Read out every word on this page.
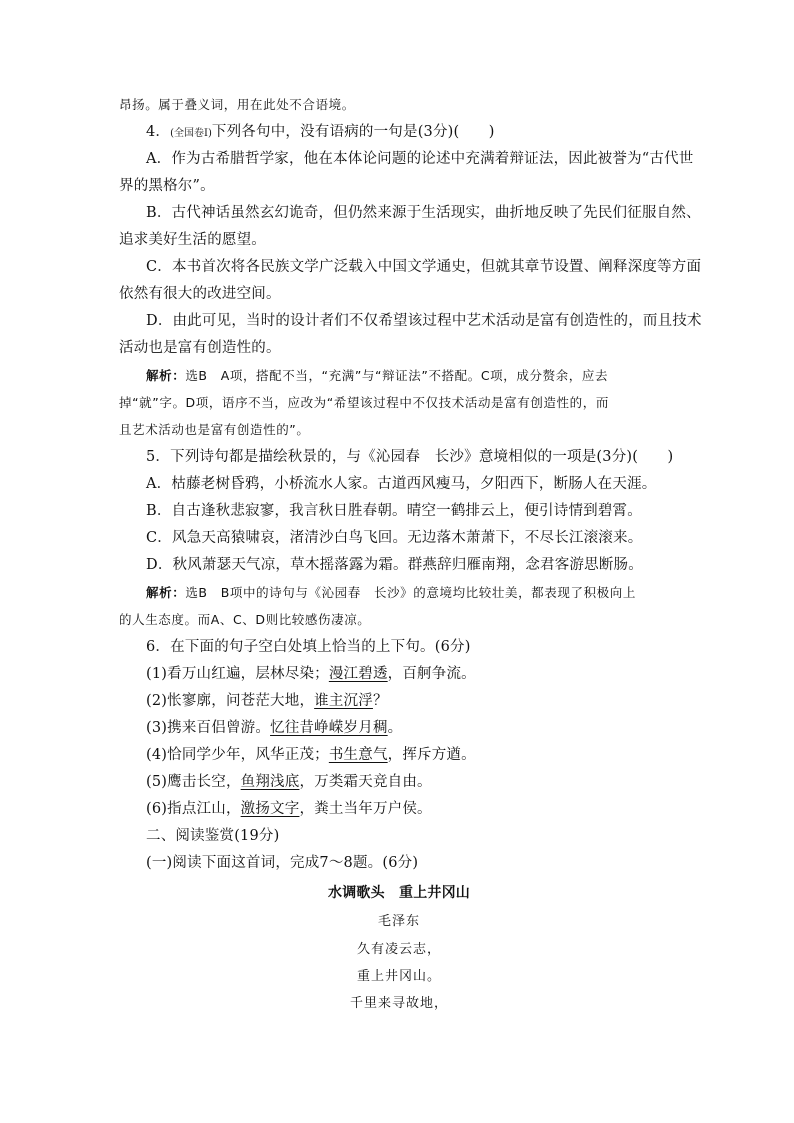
昂扬。属于叠义词，用在此处不合语境。
4．(全国卷Ⅰ)下列各句中，没有语病的一句是(3分)(　　)
A．作为古希腊哲学家，他在本体论问题的论述中充满着辩证法，因此被誉为“古代世
界的黑格尔”。
B．古代神话虽然玄幻诡奇，但仍然来源于生活现实，曲折地反映了先民们征服自然、
追求美好生活的愿望。
C．本书首次将各民族文学广泛载入中国文学通史，但就其章节设置、阐释深度等方面
依然有很大的改进空间。
D．由此可见，当时的设计者们不仅希望该过程中艺术活动是富有创造性的，而且技术
活动也是富有创造性的。
解析：选B　A项，搭配不当，“充满”与“辩证法”不搭配。C项，成分赘余，应去
掉“就”字。D项，语序不当，应改为“希望该过程中不仅技术活动是富有创造性的，而
且艺术活动也是富有创造性的”。
5．下列诗句都是描绘秋景的，与《沁园春　长沙》意境相似的一项是(3分)(　　)
A．枯藤老树昏鸦，小桥流水人家。古道西风瘦马，夕阳西下，断肠人在天涯。
B．自古逢秋悲寂寥，我言秋日胜春朝。晴空一鹤排云上，便引诗情到碧霄。
C．风急天高猿啸哀，渚清沙白鸟飞回。无边落木萧萧下，不尽长江滚滚来。
D．秋风萧瑟天气凉，草木摇落露为霜。群燕辞归雁南翔，念君客游思断肠。
解析：选B　B项中的诗句与《沁园春　长沙》的意境均比较壮美，都表现了积极向上
的人生态度。而A、C、D则比较感伤凄凉。
6．在下面的句子空白处填上恰当的上下句。(6分)
(1)看万山红遍，层林尽染；漫江碧透，百舸争流。
(2)怅寥廓，问苍茫大地，谁主沉浮？
(3)携来百侣曾游。忆往昔峥嵘岁月稠。
(4)恰同学少年，风华正茂；书生意气，挥斥方遒。
(5)鹰击长空，鱼翔浅底，万类霜天竞自由。
(6)指点江山，激扬文字，粪土当年万户侯。
二、阅读鉴赏(19分)
(一)阅读下面这首词，完成7～8题。(6分)
水调歌头　重上井冈山
毛泽东
久有凌云志，
重上井冈山。
千里来寻故地，
